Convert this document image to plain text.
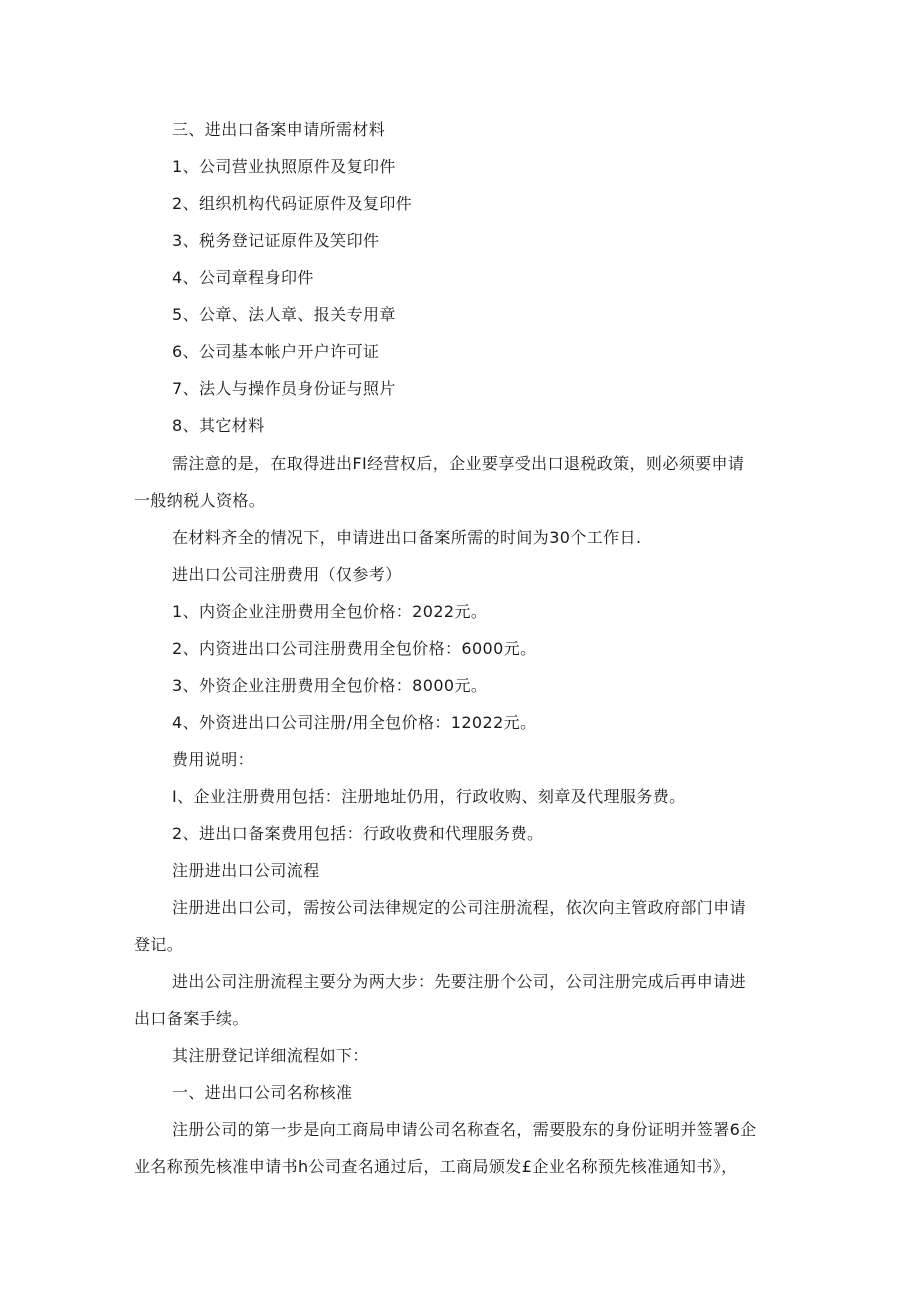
三、进出口备案申请所需材料
1、公司营业执照原件及复印件
2、组织机构代码证原件及复印件
3、税务登记证原件及笑印件
4、公司章程身印件
5、公章、法人章、报关专用章
6、公司基本帐户开户许可证
7、法人与操作员身份证与照片
8、其它材料
需注意的是，在取得进出FI经营权后，企业要享受出口退税政策，则必须要申请
一般纳税人资格。
在材料齐全的情况下，申请进出口备案所需的时间为30个工作日.
进出口公司注册费用（仅参考）
1、内资企业注册费用全包价格：2022元。
2、内资进出口公司注册费用全包价格：6000元。
3、外资企业注册费用全包价格：8000元。
4、外资进出口公司注册/用全包价格：12022元。
费用说明：
I、企业注册费用包括：注册地址仍用，行政收购、刻章及代理服务费。
2、进出口备案费用包括：行政收费和代理服务费。
注册进出口公司流程
注册进出口公司，需按公司法律规定的公司注册流程，依次向主管政府部门申请
登记。
进出公司注册流程主要分为两大步：先要注册个公司，公司注册完成后再申请进
出口备案手续。
其注册登记详细流程如下：
一、进出口公司名称核准
注册公司的第一步是向工商局申请公司名称查名，需要股东的身份证明并签署6企
业名称预先核准申请书h公司查名通过后，工商局颁发£企业名称预先核准通知书》，
